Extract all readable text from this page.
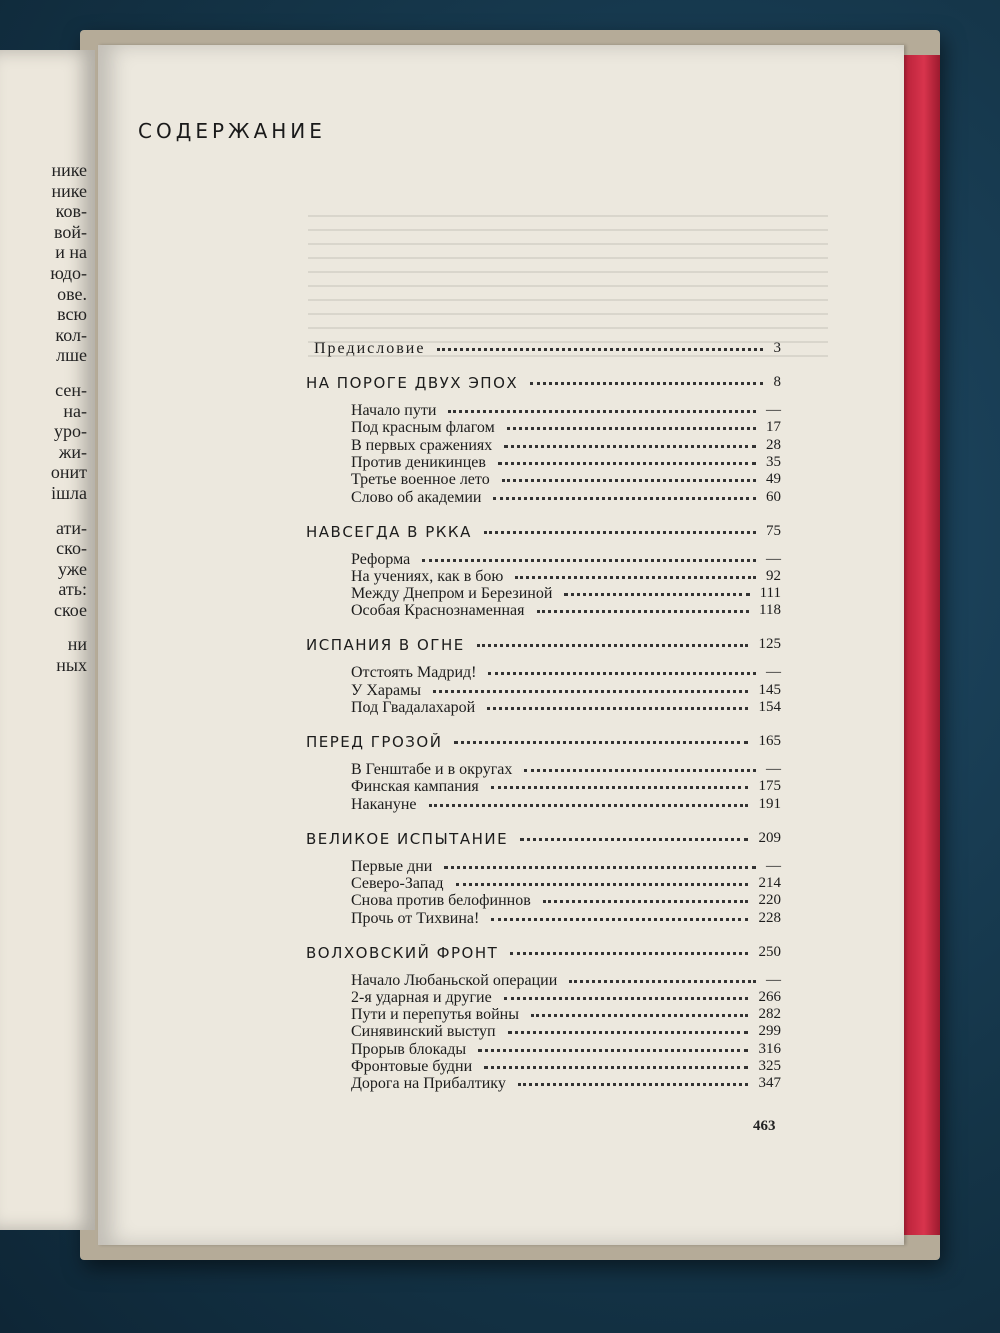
нике
нике
ков-
вой-
и на
юдо-
ове.
всю
кол-
лше
сен-
на-
уро-
жи-
онит
ішла
ати-
ско-
уже
ать:
ское
ни
ных
СОДЕРЖАНИЕ
Предисловие	3
НА ПОРОГЕ ДВУХ ЭПОХ	8
Начало пути	—
Под красным флагом	17
В первых сражениях	28
Против деникинцев	35
Третье военное лето	49
Слово об академии	60
НАВСЕГДА В РККА	75
Реформа	—
На учениях, как в бою	92
Между Днепром и Березиной	111
Особая Краснознаменная	118
ИСПАНИЯ В ОГНЕ	125
Отстоять Мадрид!	—
У Харамы	145
Под Гвадалахарой	154
ПЕРЕД ГРОЗОЙ	165
В Генштабе и в округах	—
Финская кампания	175
Накануне	191
ВЕЛИКОЕ ИСПЫТАНИЕ	209
Первые дни	—
Северо-Запад	214
Снова против белофиннов	220
Прочь от Тихвина!	228
ВОЛХОВСКИЙ ФРОНТ	250
Начало Любаньской операции	—
2-я ударная и другие	266
Пути и перепутья войны	282
Синявинский выступ	299
Прорыв блокады	316
Фронтовые будни	325
Дорога на Прибалтику	347
463
